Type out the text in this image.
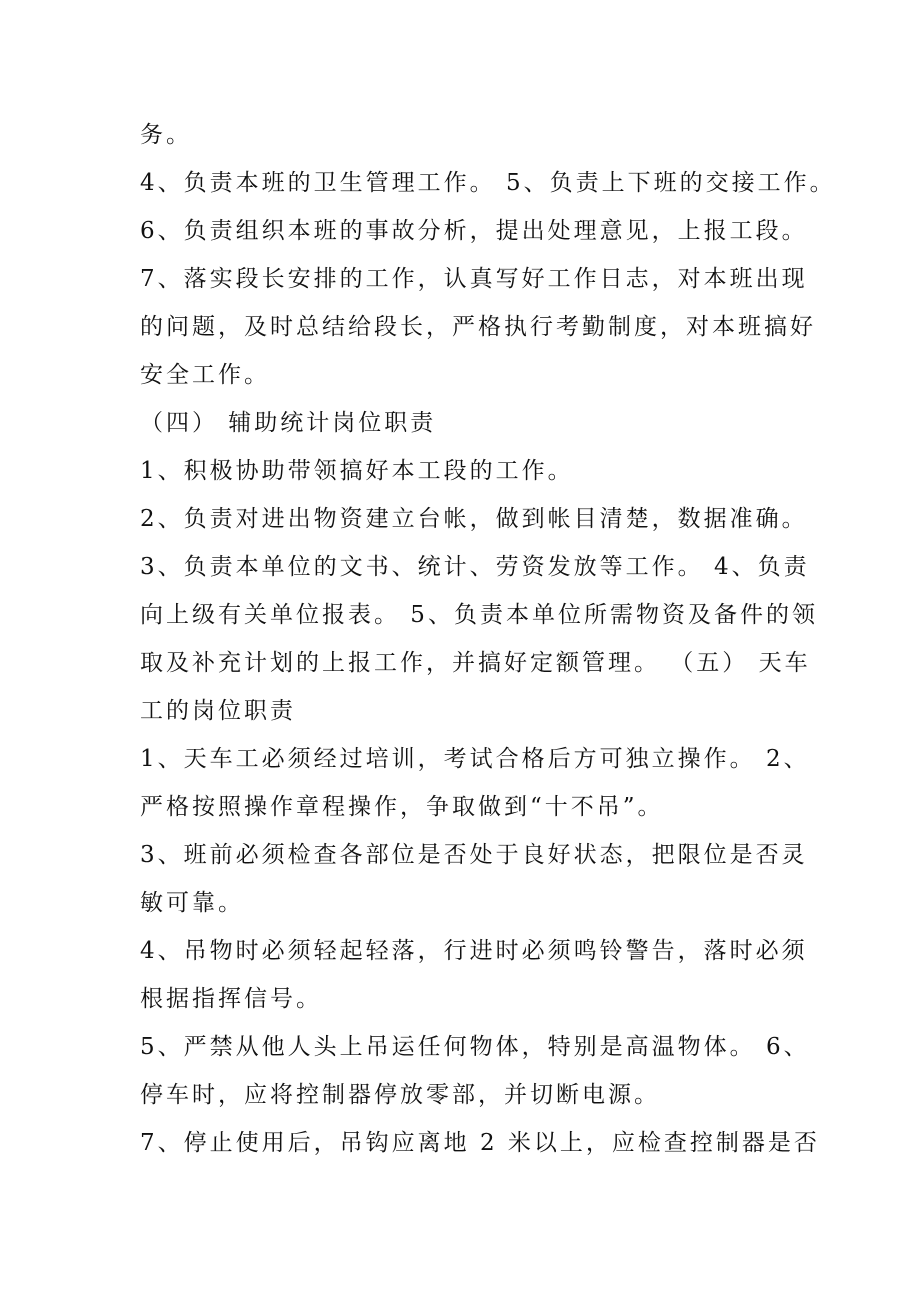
务。
4、负责本班的卫生管理工作。 5、负责上下班的交接工作。
6、负责组织本班的事故分析，提出处理意见，上报工段。
7、落实段长安排的工作，认真写好工作日志，对本班出现
的问题，及时总结给段长，严格执行考勤制度，对本班搞好
安全工作。
（四） 辅助统计岗位职责
1、积极协助带领搞好本工段的工作。
2、负责对进出物资建立台帐，做到帐目清楚，数据准确。
3、负责本单位的文书、统计、劳资发放等工作。 4、负责
向上级有关单位报表。 5、负责本单位所需物资及备件的领
取及补充计划的上报工作，并搞好定额管理。 （五） 天车
工的岗位职责
1、天车工必须经过培训，考试合格后方可独立操作。 2、
严格按照操作章程操作，争取做到“十不吊”。
3、班前必须检查各部位是否处于良好状态，把限位是否灵
敏可靠。
4、吊物时必须轻起轻落，行进时必须鸣铃警告，落时必须
根据指挥信号。
5、严禁从他人头上吊运任何物体，特别是高温物体。 6、
停车时，应将控制器停放零部，并切断电源。
7、停止使用后，吊钩应离地 2 米以上，应检查控制器是否
